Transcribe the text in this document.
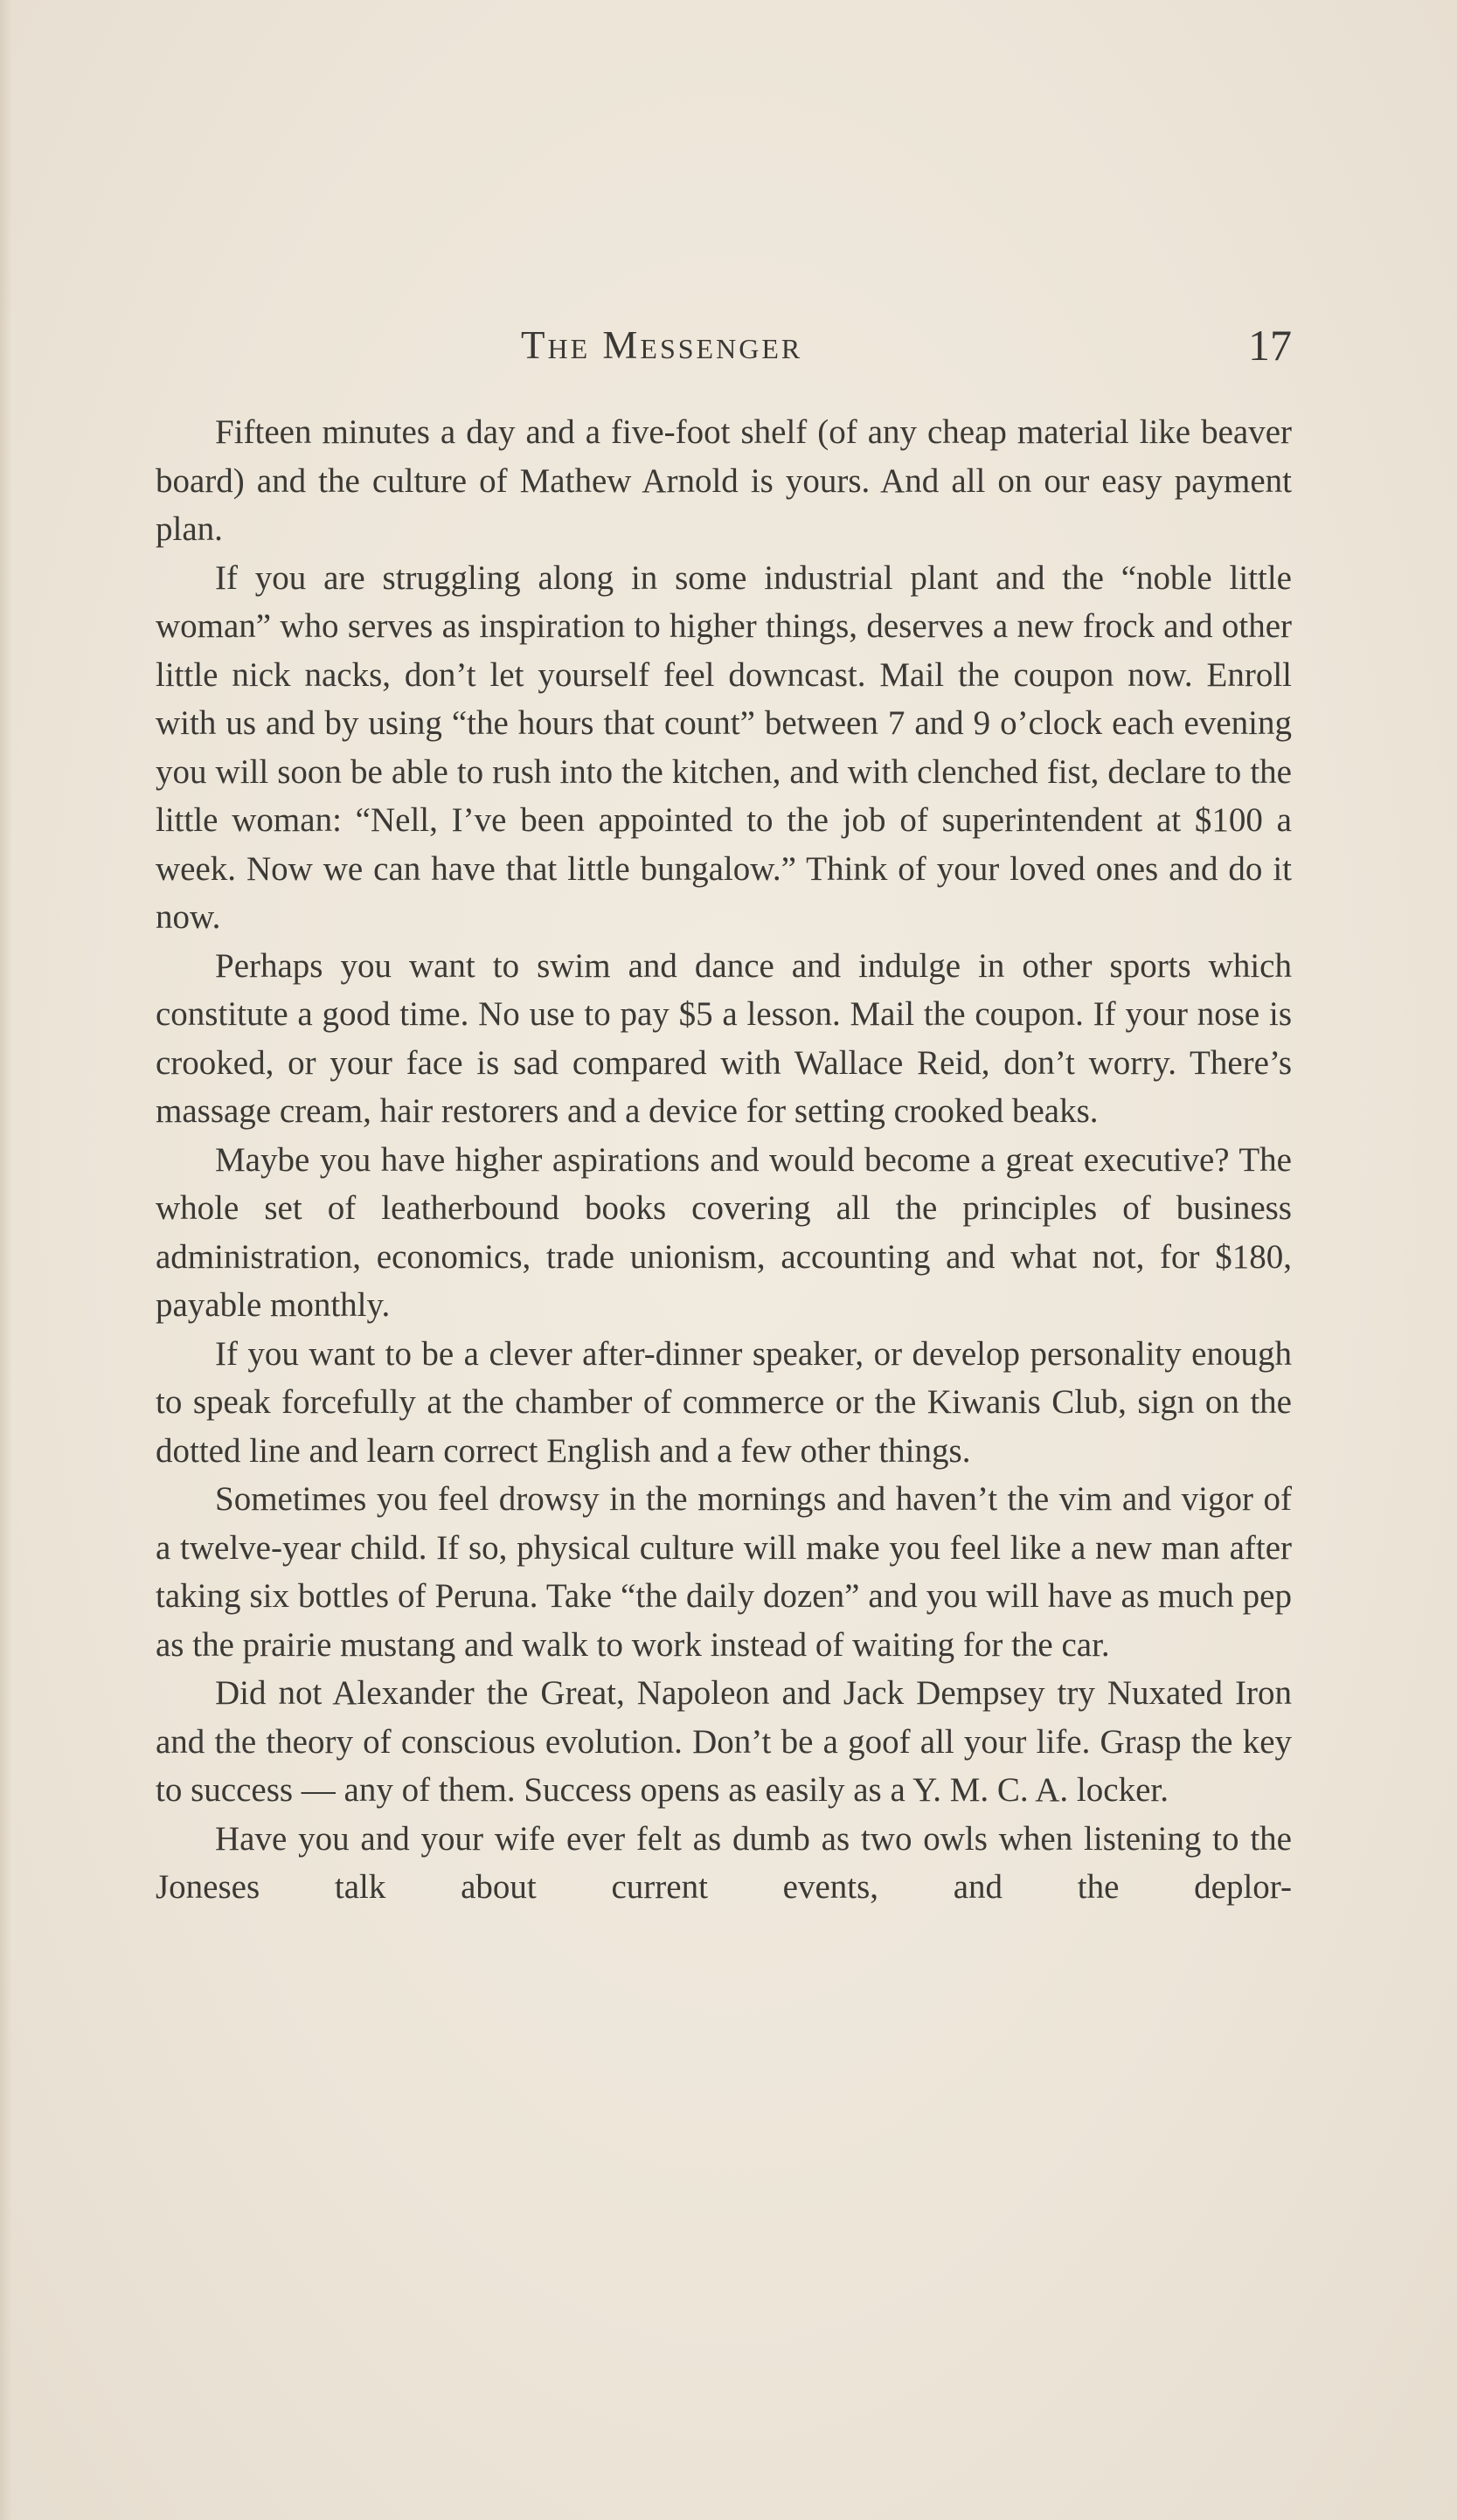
The Messenger	17

Fifteen minutes a day and a five-foot shelf (of any cheap material like beaver board) and the culture of Mathew Arnold is yours. And all on our easy payment plan.

If you are struggling along in some industrial plant and the “noble little woman” who serves as inspiration to higher things, deserves a new frock and other little nick nacks, don’t let yourself feel downcast. Mail the coupon now. Enroll with us and by using “the hours that count” between 7 and 9 o’clock each evening you will soon be able to rush into the kitchen, and with clenched fist, declare to the little woman: “Nell, I’ve been appointed to the job of superintendent at $100 a week. Now we can have that little bungalow.” Think of your loved ones and do it now.

Perhaps you want to swim and dance and indulge in other sports which constitute a good time. No use to pay $5 a lesson. Mail the coupon. If your nose is crooked, or your face is sad compared with Wallace Reid, don’t worry. There’s massage cream, hair restorers and a device for setting crooked beaks.

Maybe you have higher aspirations and would become a great executive? The whole set of leatherbound books covering all the principles of business administration, economics, trade unionism, accounting and what not, for $180, payable monthly.

If you want to be a clever after-dinner speaker, or develop personality enough to speak forcefully at the chamber of commerce or the Kiwanis Club, sign on the dotted line and learn correct English and a few other things.

Sometimes you feel drowsy in the mornings and haven’t the vim and vigor of a twelve-year child. If so, physical culture will make you feel like a new man after taking six bottles of Peruna. Take “the daily dozen” and you will have as much pep as the prairie mustang and walk to work instead of waiting for the car.

Did not Alexander the Great, Napoleon and Jack Dempsey try Nuxated Iron and the theory of conscious evolution. Don’t be a goof all your life. Grasp the key to success — any of them. Success opens as easily as a Y. M. C. A. locker.

Have you and your wife ever felt as dumb as two owls when listening to the Joneses talk about current events, and the deplor-
